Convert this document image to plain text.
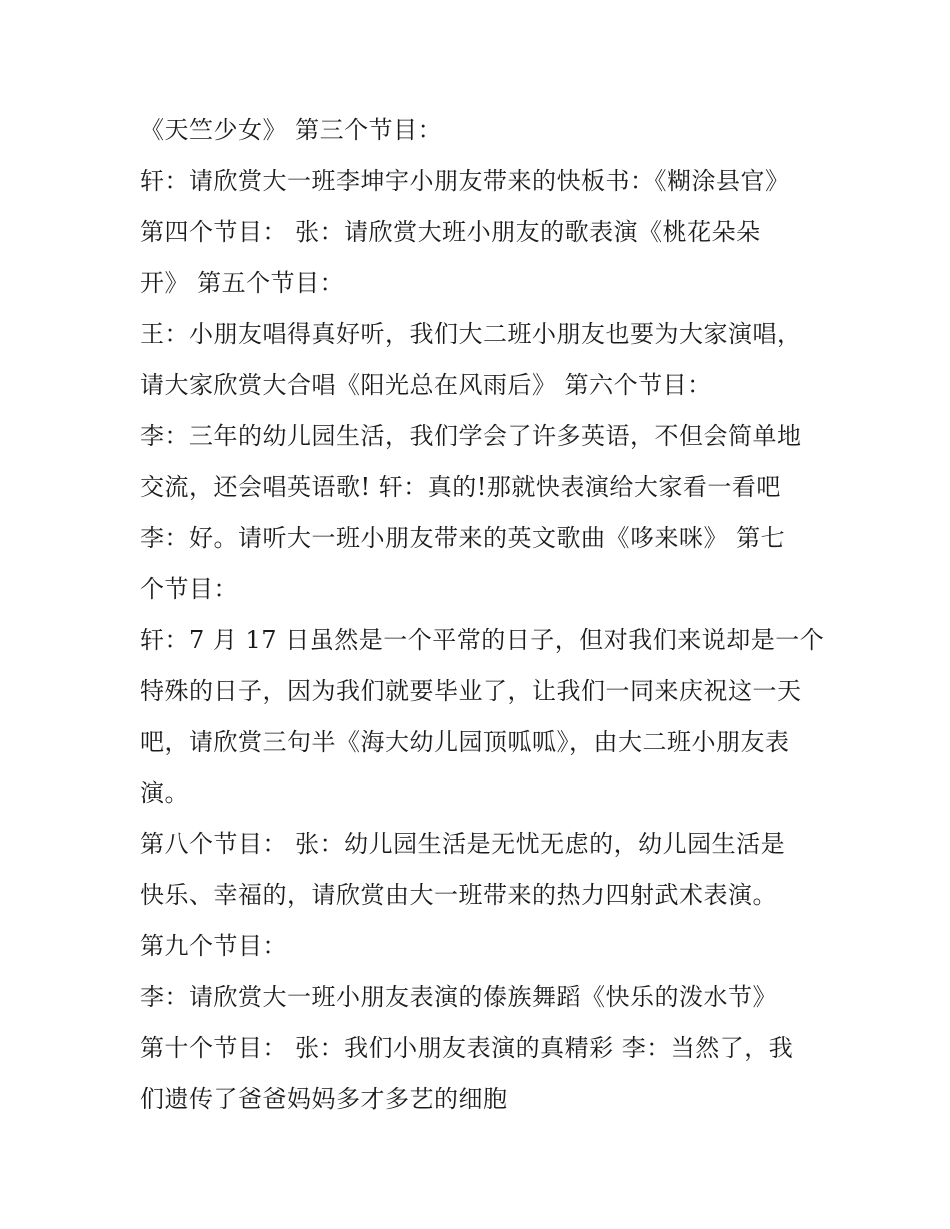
《天竺少女》 第三个节目：
轩：请欣赏大一班李坤宇小朋友带来的快板书：《糊涂县官》
第四个节目： 张：请欣赏大班小朋友的歌表演《桃花朵朵
开》 第五个节目：
王：小朋友唱得真好听，我们大二班小朋友也要为大家演唱，
请大家欣赏大合唱《阳光总在风雨后》 第六个节目：
李：三年的幼儿园生活，我们学会了许多英语，不但会简单地
交流，还会唱英语歌! 轩：真的!那就快表演给大家看一看吧
李：好。请听大一班小朋友带来的英文歌曲《哆来咪》 第七
个节目：
轩：7 月 17 日虽然是一个平常的日子，但对我们来说却是一个
特殊的日子，因为我们就要毕业了，让我们一同来庆祝这一天
吧，请欣赏三句半《海大幼儿园顶呱呱》，由大二班小朋友表
演。
第八个节目： 张：幼儿园生活是无忧无虑的，幼儿园生活是
快乐、幸福的，请欣赏由大一班带来的热力四射武术表演。
第九个节目：
李：请欣赏大一班小朋友表演的傣族舞蹈《快乐的泼水节》
第十个节目： 张：我们小朋友表演的真精彩 李：当然了，我
们遗传了爸爸妈妈多才多艺的细胞
